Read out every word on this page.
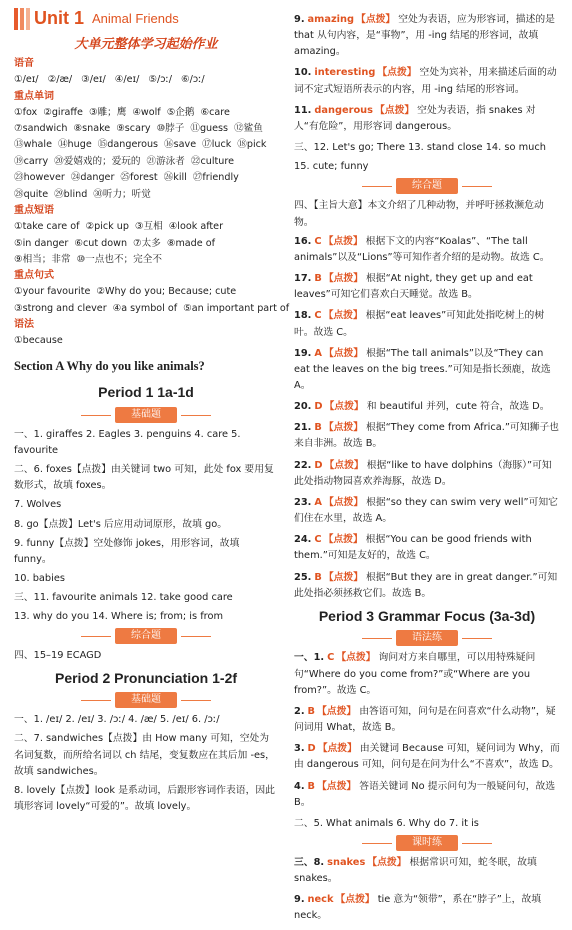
Unit 1 Animal Friends
大单元整体学习起始作业
语音
①/eɪ/ ②/æ/ ③/eɪ/ ④/eɪ/ ⑤/ɔː/ ⑥/ɔː/
重点单词
①fox ②giraffe ③雕；鹰 ④wolf ⑤企鹅 ⑥care
⑦sandwich ⑧snake ⑨scary ⑩脖子 ⑪guess ⑫鲨鱼
⑬whale ⑭huge ⑮dangerous ⑯save ⑰luck ⑱pick
⑲carry ⑳爱嬉戏的；爱玩的 ㉑游泳者 ㉒culture
㉓however ㉔danger ㉕forest ㉖kill ㉗friendly
㉘quite ㉙blind ㉚听力；听觉
重点短语
①take care of ②pick up ③互相 ④look after
⑤in danger ⑥cut down ⑦太多 ⑧made of
⑨相当；非常 ⑩一点也不；完全不
重点句式
①your favourite ②Why do you; Because; cute
③strong and clever ④a symbol of ⑤an important part of
语法
①because
Section A Why do you like animals?
Period 1 1a-1d
基础题
一、1. giraffes 2. Eagles 3. penguins 4. care 5. favourite
二、6. foxes【点拨】由关键词 two 可知，此处 fox 要用复数形式，故填 foxes。
7. Wolves
8. go【点拨】Let's 后应用动词原形，故填 go。
9. funny【点拨】空处修饰 jokes，用形容词，故填 funny。
10. babies
三、11. favourite animals 12. take good care
13. why do you 14. Where is; from; is from
综合题
四、15–19 ECAGD
Period 2 Pronunciation 1-2f
基础题
一、1. /eɪ/ 2. /eɪ/ 3. /ɔː/ 4. /æ/ 5. /eɪ/ 6. /ɔː/
二、7. sandwiches【点拨】由 How many 可知，空处为名词复数，而所给名词以 ch 结尾，变复数应在其后加 -es，故填 sandwiches。
8. lovely【点拨】look 是系动词，后跟形容词作表语，因此填形容词 lovely“可爱的”。故填 lovely。
9. amazing 【点拨】 空处为表语，应为形容词，描述的是 that 从句内容，是“事物”，用 -ing 结尾的形容词，故填 amazing。
10. interesting 【点拨】 空处为宾补，用来描述后面的动词不定式短语所表示的内容，用 -ing 结尾的形容词。
11. dangerous 【点拨】 空处为表语，指 snakes 对人“有危险”，用形容词 dangerous。
三、12. Let's go; There 13. stand close 14. so much
15. cute; funny
综合题
四、【主旨大意】本文介绍了几种动物，并呼吁拯救濒危动物。
16. C 【点拨】 根据下文的内容“Koalas”、“The tall animals”以及“Lions”等可知作者介绍的是动物。故选 C。
17. B 【点拨】 根据“At night, they get up and eat leaves”可知它们喜欢白天睡觉。故选 B。
18. C 【点拨】 根据“eat leaves”可知此处指吃树上的树叶。故选 C。
19. A 【点拨】 根据“The tall animals”以及“They can eat the leaves on the big trees.”可知是指长颈鹿，故选 A。
20. D 【点拨】 和 beautiful 并列，cute 符合，故选 D。
21. B 【点拨】 根据“They come from Africa.”可知狮子也来自非洲。故选 B。
22. D 【点拨】 根据“like to have dolphins（海豚）”可知此处指动物园喜欢养海豚，故选 D。
23. A 【点拨】 根据“so they can swim very well”可知它们住在水里，故选 A。
24. C 【点拨】 根据“You can be good friends with them.”可知是友好的，故选 C。
25. B 【点拨】 根据“But they are in great danger.”可知此处指必须拯救它们。故选 B。
Period 3 Grammar Focus (3a-3d)
语法练
一、1. C 【点拨】 询问对方来自哪里，可以用特殊疑问句“Where do you come from?”或“Where are you from?”。故选 C。
2. B 【点拨】 由答语可知，问句是在问喜欢“什么动物”，疑问词用 What，故选 B。
3. D 【点拨】 由关键词 Because 可知，疑问词为 Why，而由 dangerous 可知，问句是在问为什么“不喜欢”，故选 D。
4. B 【点拨】 答语关键词 No 提示问句为一般疑问句，故选 B。
二、5. What animals 6. Why do 7. it is
课时练
三、8. snakes 【点拨】 根据常识可知，蛇冬眠，故填 snakes。
9. neck 【点拨】 tie 意为“领带”，系在“脖子”上，故填 neck。
